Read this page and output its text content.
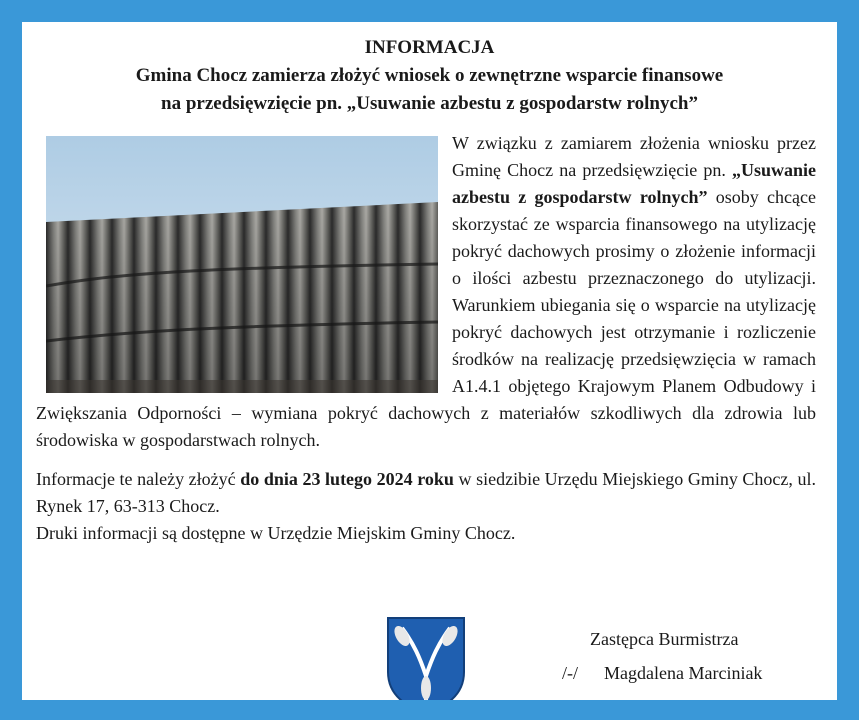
INFORMACJA
Gmina Chocz zamierza złożyć wniosek o zewnętrzne wsparcie finansowe
na przedsięwzięcie pn. „Usuwanie azbestu z gospodarstw rolnych”

W związku z zamiarem złożenia wniosku przez Gminę Chocz na przedsięwzięcie pn. „Usuwanie azbestu z gospodarstw rolnych” osoby chcące skorzystać ze wsparcia finansowego na utylizację pokryć dachowych prosimy o złożenie informacji o ilości azbestu przeznaczonego do utylizacji. Warunkiem ubiegania się o wsparcie na utylizację pokryć dachowych jest otrzymanie i rozliczenie środków na realizację przedsięwzięcia w ramach A1.4.1 objętego Krajowym Planem Odbudowy i Zwiększania Odporności – wymiana pokryć dachowych z materiałów szkodliwych dla zdrowia lub środowiska w gospodarstwach rolnych.

Informacje te należy złożyć do dnia 23 lutego 2024 roku w siedzibie Urzędu Miejskiego Gminy Chocz, ul. Rynek 17, 63-313 Chocz.
Druki informacji są dostępne w Urzędzie Miejskim Gminy Chocz.

Zastępca Burmistrza
/-/ Magdalena Marciniak
